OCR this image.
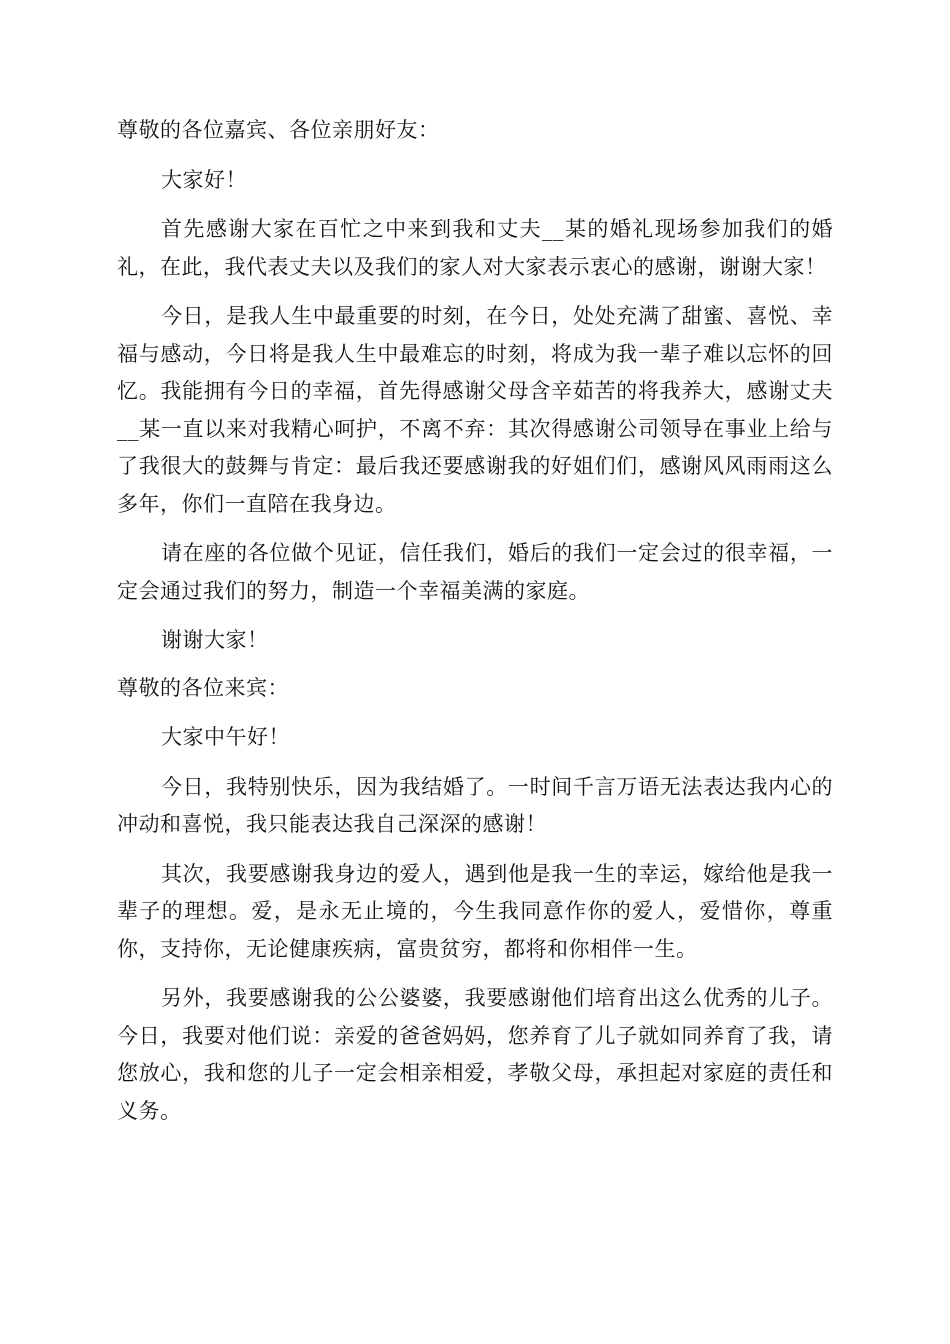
尊敬的各位嘉宾、各位亲朋好友：

大家好！

首先感谢大家在百忙之中来到我和丈夫__某的婚礼现场参加我们的婚礼，在此，我代表丈夫以及我们的家人对大家表示衷心的感谢，谢谢大家！

今日，是我人生中最重要的时刻，在今日，处处充满了甜蜜、喜悦、幸福与感动，今日将是我人生中最难忘的时刻，将成为我一辈子难以忘怀的回忆。我能拥有今日的幸福，首先得感谢父母含辛茹苦的将我养大，感谢丈夫__某一直以来对我精心呵护，不离不弃：其次得感谢公司领导在事业上给与了我很大的鼓舞与肯定：最后我还要感谢我的好姐们们，感谢风风雨雨这么多年，你们一直陪在我身边。

请在座的各位做个见证，信任我们，婚后的我们一定会过的很幸福，一定会通过我们的努力，制造一个幸福美满的家庭。

谢谢大家！

尊敬的各位来宾：

大家中午好！

今日，我特别快乐，因为我结婚了。一时间千言万语无法表达我内心的冲动和喜悦，我只能表达我自己深深的感谢！

其次，我要感谢我身边的爱人，遇到他是我一生的幸运，嫁给他是我一辈子的理想。爱，是永无止境的，今生我同意作你的爱人，爱惜你，尊重你，支持你，无论健康疾病，富贵贫穷，都将和你相伴一生。

另外，我要感谢我的公公婆婆，我要感谢他们培育出这么优秀的儿子。今日，我要对他们说：亲爱的爸爸妈妈，您养育了儿子就如同养育了我，请您放心，我和您的儿子一定会相亲相爱，孝敬父母，承担起对家庭的责任和义务。
